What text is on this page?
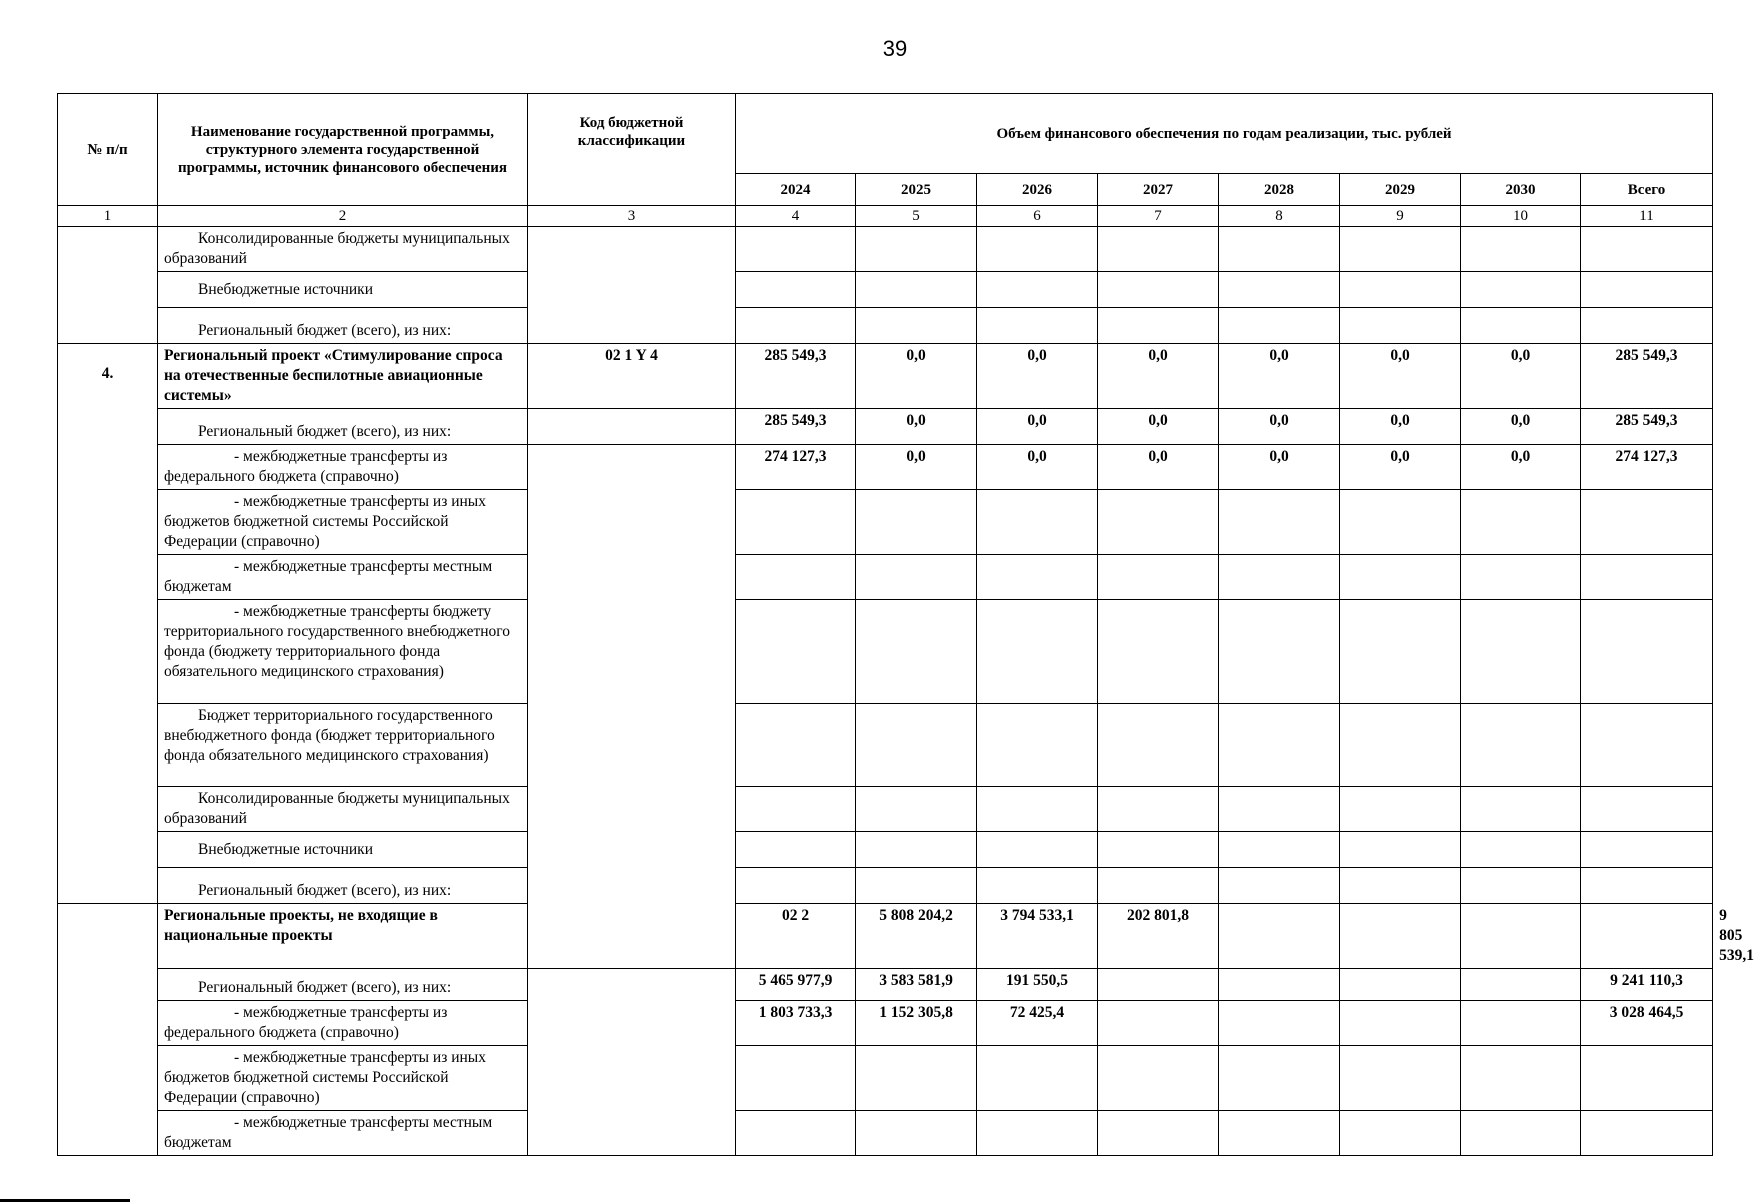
39
№ п/п	Наименование государственной программы, структурного элемента государственной программы, источник финансового обеспечения	Код бюджетной классификации	Объем финансового обеспечения по годам реализации, тыс. рублей								
			2024	2025	2026	2027	2028	2029	2030	Всего	
1	2	3	4	5	6	7	8	9	10	11	
	Консолидированные бюджеты муниципальных образований										
	Внебюджетные источники										
	Региональный бюджет (всего), из них:										
4.	Региональный проект «Стимулирование спроса на отечественные беспилотные авиационные системы»	02 1 Y 4	285 549,3	0,0	0,0	0,0	0,0	0,0	0,0	285 549,3	
	Региональный бюджет (всего), из них:		285 549,3	0,0	0,0	0,0	0,0	0,0	0,0	285 549,3	
	- межбюджетные трансферты из федерального бюджета (справочно)		274 127,3	0,0	0,0	0,0	0,0	0,0	0,0	274 127,3	
	- межбюджетные трансферты из иных бюджетов бюджетной системы Российской Федерации (справочно)										
	- межбюджетные трансферты местным бюджетам										
	- межбюджетные трансферты бюджету территориального государственного внебюджетного фонда (бюджету территориального фонда обязательного медицинского страхования)										
	Бюджет территориального государственного внебюджетного фонда (бюджет территориального фонда обязательного медицинского страхования)										
	Консолидированные бюджеты муниципальных образований										
	Внебюджетные источники										
	Региональный бюджет (всего), из них:										
	Региональные проекты, не входящие в национальные проекты		02 2	5 808 204,2	3 794 533,1	202 801,8					9 805 539,1
	Региональный бюджет (всего), из них:		5 465 977,9	3 583 581,9	191 550,5					9 241 110,3	
	- межбюджетные трансферты из федерального бюджета (справочно)		1 803 733,3	1 152 305,8	72 425,4					3 028 464,5	
	- межбюджетные трансферты из иных бюджетов бюджетной системы Российской Федерации (справочно)										
	- межбюджетные трансферты местным бюджетам										
